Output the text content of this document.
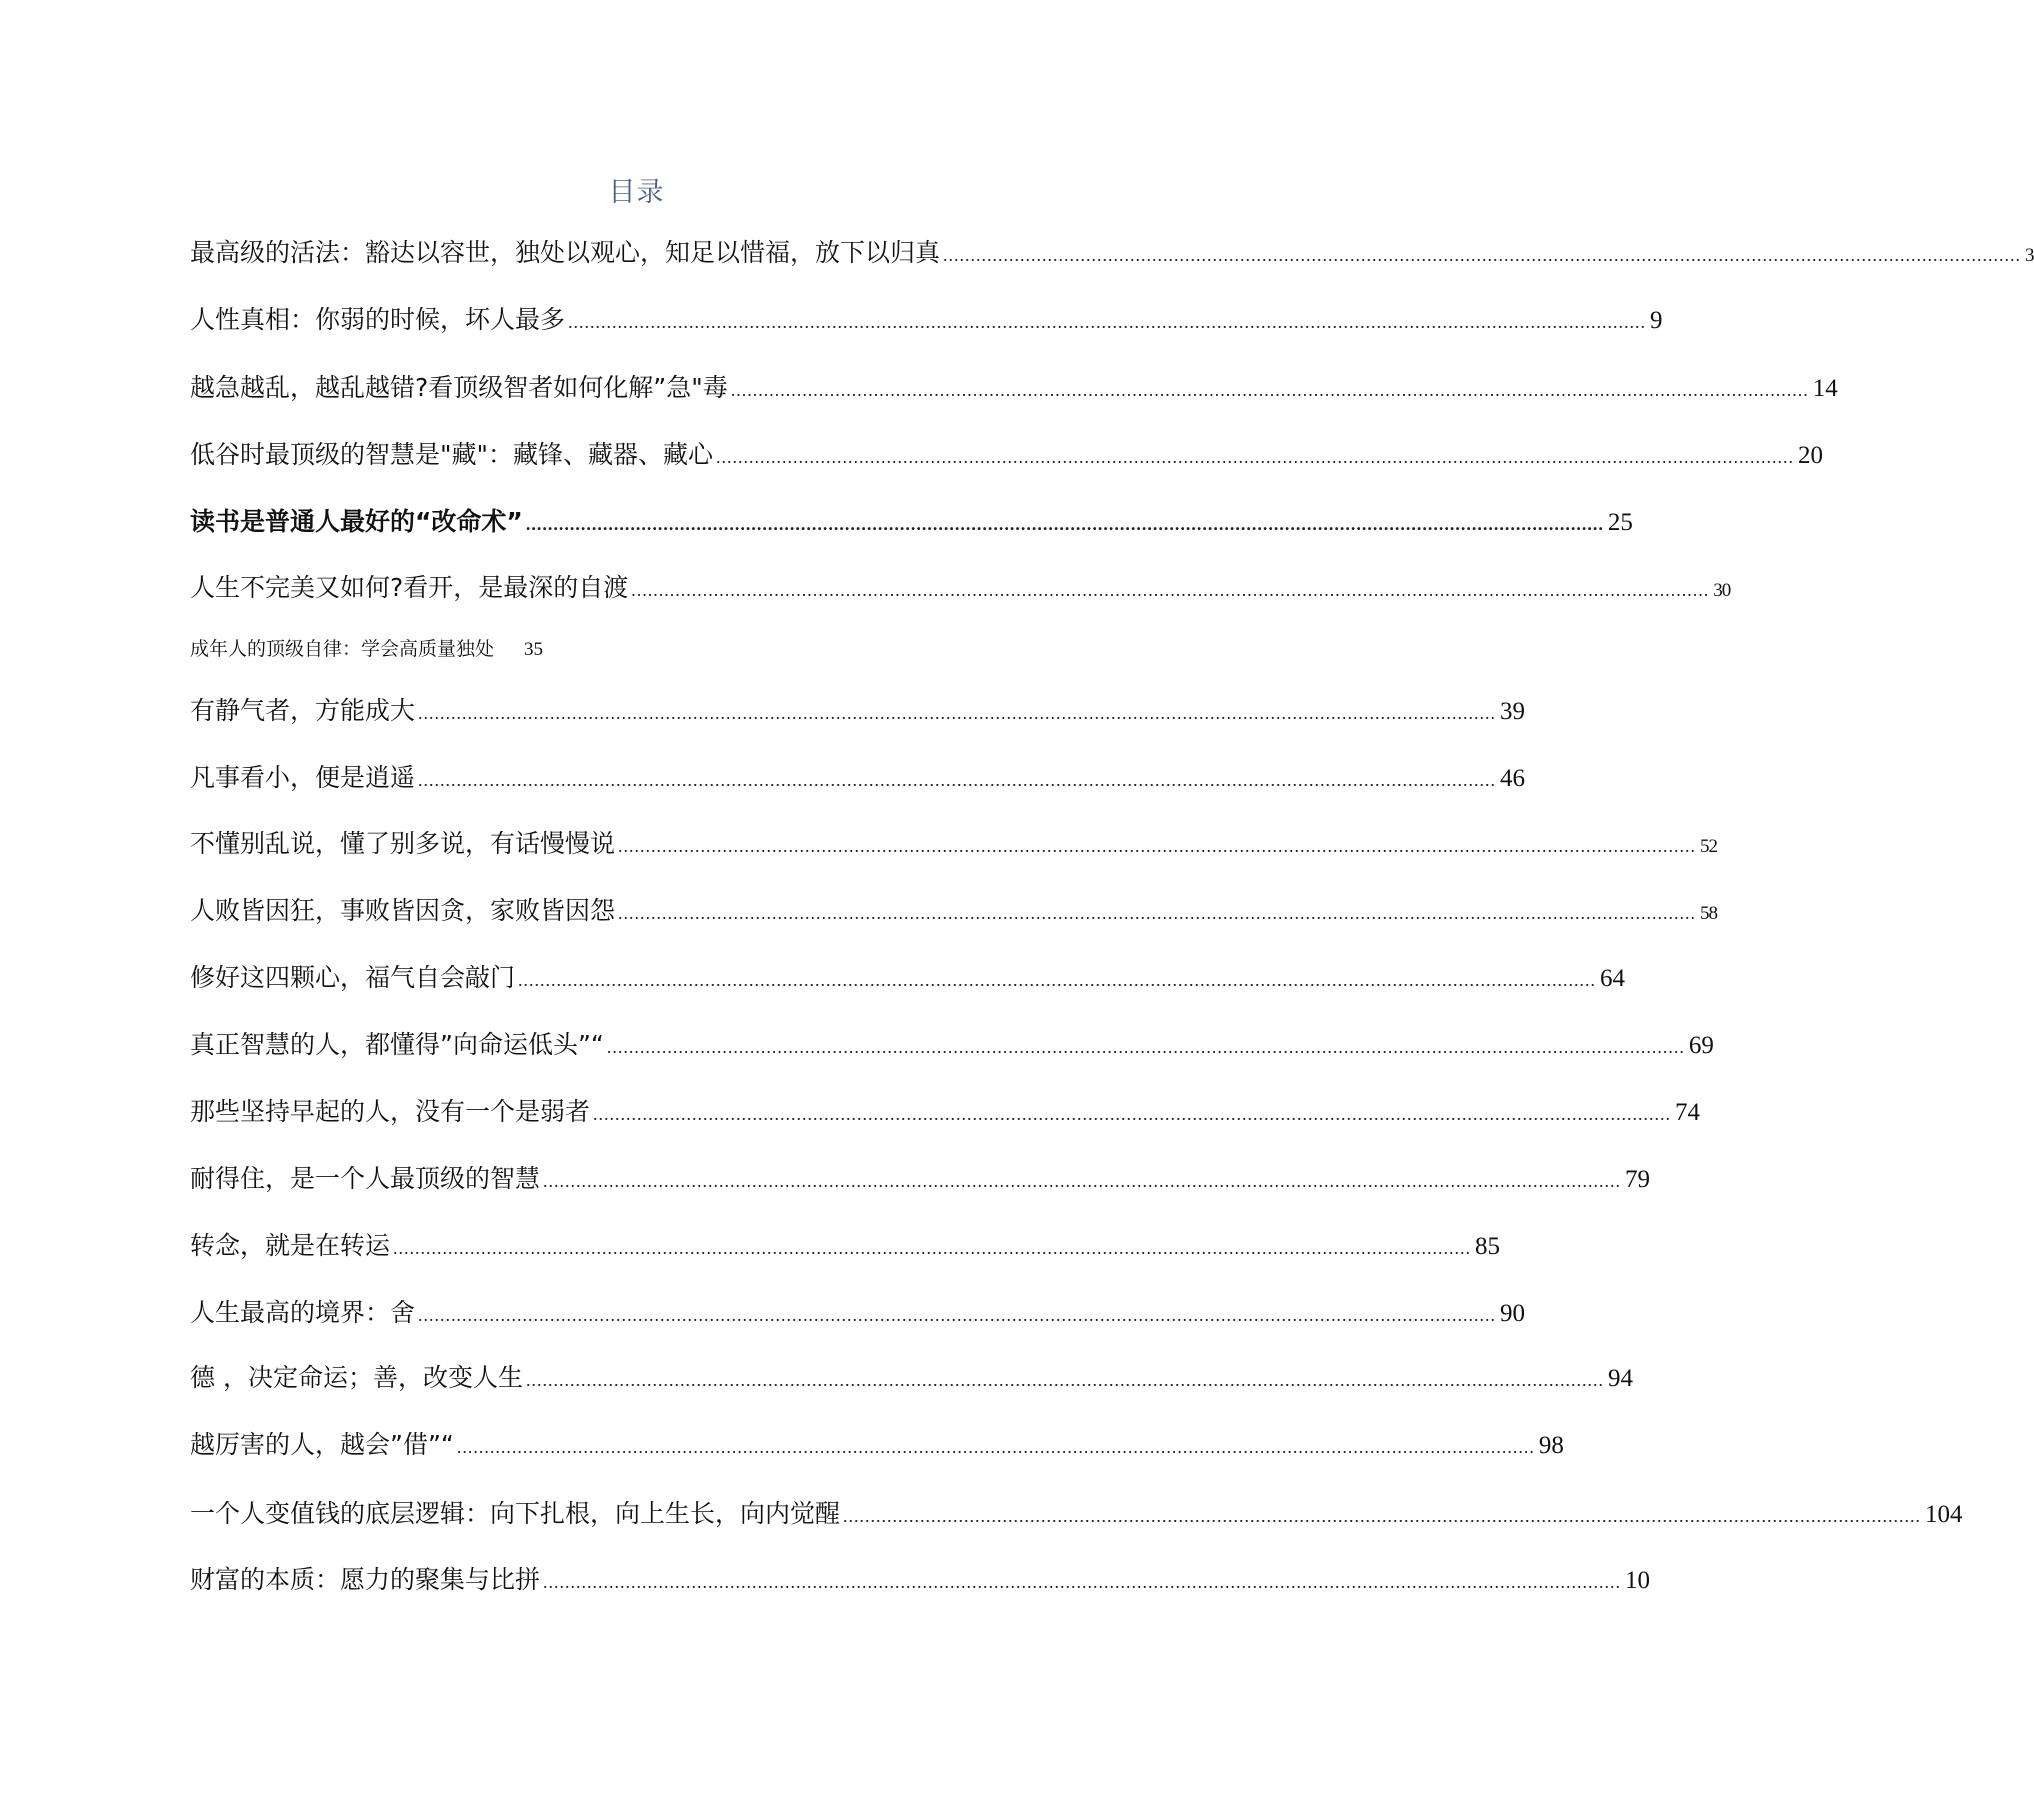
目录
最高级的活法：豁达以容世，独处以观心，知足以惜福，放下以归真 .................................................................................................................................................................................................... 3
人性真相：你弱的时候，坏人最多 .................................................................................................................................................................................................... 9
越急越乱，越乱越错?看顶级智者如何化解”急"毒 .................................................................................................................................................................................................... 14
低谷时最顶级的智慧是"藏"：藏锋、藏器、藏心 .................................................................................................................................................................................................... 20
读书是普通人最好的“改命术” .................................................................................................................................................................................................... 25
人生不完美又如何?看开，是最深的自渡 .................................................................................................................................................................................................... 30
成年人的顶级自律：学会高质量独处 35
有静气者，方能成大 .................................................................................................................................................................................................... 39
凡事看小，便是逍遥 .................................................................................................................................................................................................... 46
不懂别乱说，懂了别多说，有话慢慢说 .................................................................................................................................................................................................... 52
人败皆因狂，事败皆因贪，家败皆因怨 .................................................................................................................................................................................................... 58
修好这四颗心，福气自会敲门 .................................................................................................................................................................................................... 64
真正智慧的人，都懂得”向命运低头”“ .................................................................................................................................................................................................... 69
那些坚持早起的人，没有一个是弱者 .................................................................................................................................................................................................... 74
耐得住，是一个人最顶级的智慧 .................................................................................................................................................................................................... 79
转念，就是在转运 .................................................................................................................................................................................................... 85
人生最高的境界：舍 .................................................................................................................................................................................................... 90
德 ，决定命运；善，改变人生 .................................................................................................................................................................................................... 94
越厉害的人，越会”借”“ .................................................................................................................................................................................................... 98
一个人变值钱的底层逻辑：向下扎根，向上生长，向内觉醒 .................................................................................................................................................................................................... 104
财富的本质：愿力的聚集与比拼 .................................................................................................................................................................................................... 10
